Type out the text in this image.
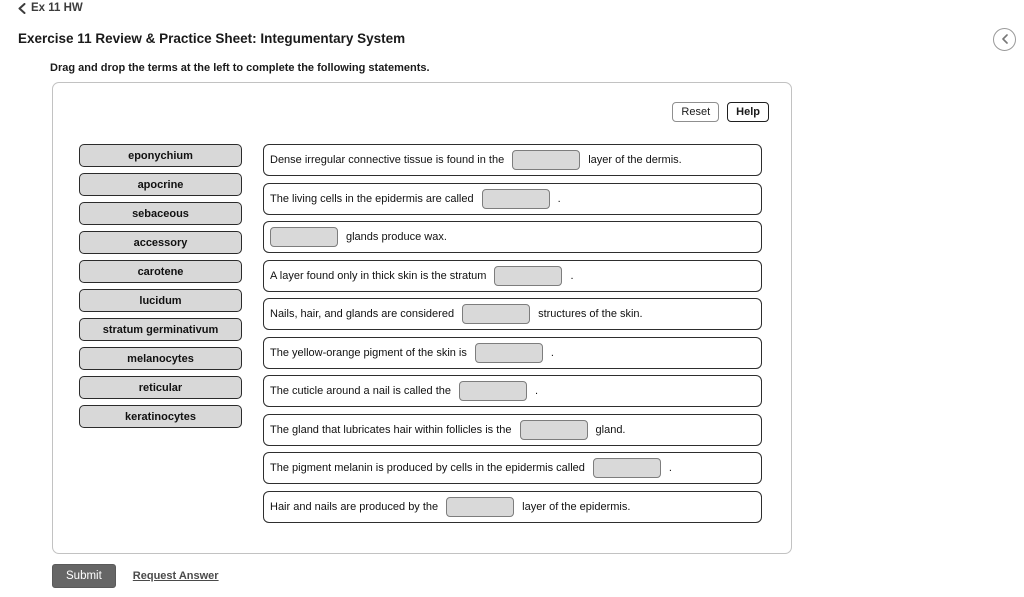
Ex 11 HW
Exercise 11 Review & Practice Sheet: Integumentary System
Drag and drop the terms at the left to complete the following statements.
Reset	Help
eponychium
apocrine
sebaceous
accessory
carotene
lucidum
stratum germinativum
melanocytes
reticular
keratinocytes
Dense irregular connective tissue is found in the	layer of the dermis.
The living cells in the epidermis are called	.
glands produce wax.
A layer found only in thick skin is the stratum	.
Nails, hair, and glands are considered	structures of the skin.
The yellow-orange pigment of the skin is	.
The cuticle around a nail is called the	.
The gland that lubricates hair within follicles is the	gland.
The pigment melanin is produced by cells in the epidermis called	.
Hair and nails are produced by the	layer of the epidermis.
Submit	Request Answer
